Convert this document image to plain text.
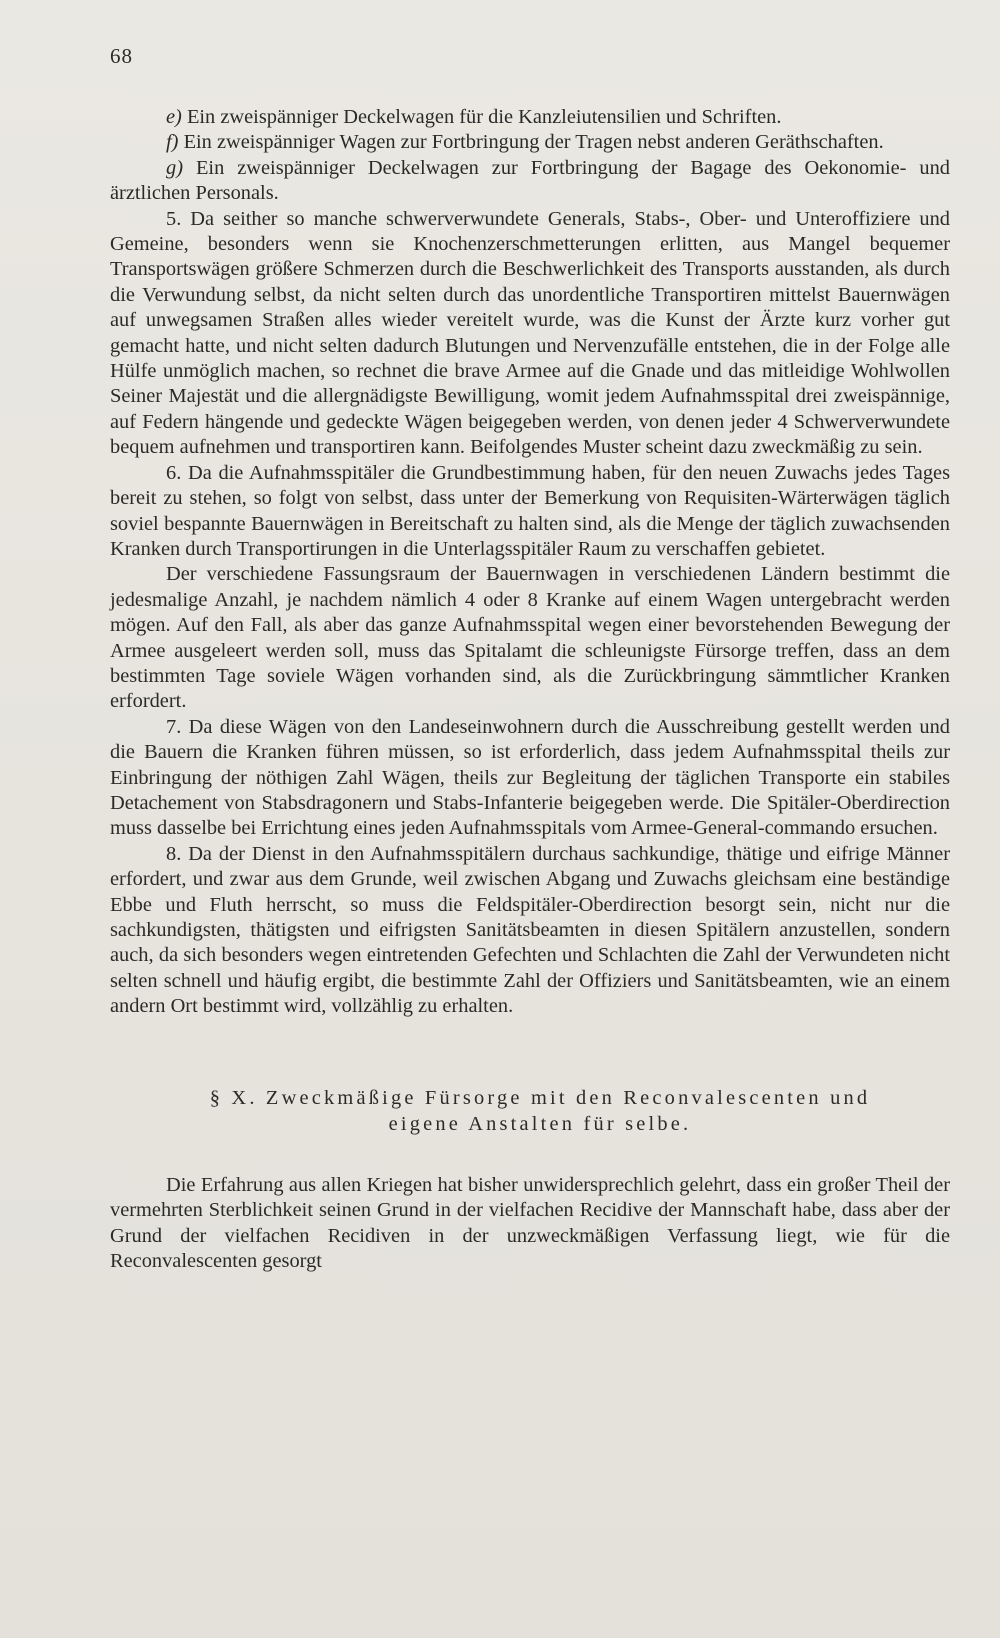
68

e) Ein zweispänniger Deckelwagen für die Kanzleiutensilien und Schriften.

f) Ein zweispänniger Wagen zur Fortbringung der Tragen nebst anderen Geräthschaften.

g) Ein zweispänniger Deckelwagen zur Fortbringung der Bagage des Oekonomie- und ärztlichen Personals.

5. Da seither so manche schwerverwundete Generals, Stabs-, Ober- und Unteroffiziere und Gemeine, besonders wenn sie Knochenzerschmetterungen erlitten, aus Mangel bequemer Transportswägen größere Schmerzen durch die Beschwerlichkeit des Transports ausstanden, als durch die Verwundung selbst, da nicht selten durch das unordentliche Transportiren mittelst Bauernwägen auf unwegsamen Straßen alles wieder vereitelt wurde, was die Kunst der Ärzte kurz vorher gut gemacht hatte, und nicht selten dadurch Blutungen und Nervenzufälle entstehen, die in der Folge alle Hülfe unmöglich machen, so rechnet die brave Armee auf die Gnade und das mitleidige Wohlwollen Seiner Majestät und die allergnädigste Bewilligung, womit jedem Aufnahmsspital drei zweispännige, auf Federn hängende und gedeckte Wägen beigegeben werden, von denen jeder 4 Schwerverwundete bequem aufnehmen und transportiren kann. Beifolgendes Muster scheint dazu zweckmäßig zu sein.

6. Da die Aufnahmsspitäler die Grundbestimmung haben, für den neuen Zuwachs jedes Tages bereit zu stehen, so folgt von selbst, dass unter der Bemerkung von Requisiten-Wärterwägen täglich soviel bespannte Bauernwägen in Bereitschaft zu halten sind, als die Menge der täglich zuwachsenden Kranken durch Transportirungen in die Unterlagsspitäler Raum zu verschaffen gebietet.

Der verschiedene Fassungsraum der Bauernwagen in verschiedenen Ländern bestimmt die jedesmalige Anzahl, je nachdem nämlich 4 oder 8 Kranke auf einem Wagen untergebracht werden mögen. Auf den Fall, als aber das ganze Aufnahmsspital wegen einer bevorstehenden Bewegung der Armee ausgeleert werden soll, muss das Spitalamt die schleunigste Fürsorge treffen, dass an dem bestimmten Tage soviele Wägen vorhanden sind, als die Zurückbringung sämmtlicher Kranken erfordert.

7. Da diese Wägen von den Landeseinwohnern durch die Ausschreibung gestellt werden und die Bauern die Kranken führen müssen, so ist erforderlich, dass jedem Aufnahmsspital theils zur Einbringung der nöthigen Zahl Wägen, theils zur Begleitung der täglichen Transporte ein stabiles Detachement von Stabsdragonern und Stabs-Infanterie beigegeben werde. Die Spitäler-Oberdirection muss dasselbe bei Errichtung eines jeden Aufnahmsspitals vom Armee-General-commando ersuchen.

8. Da der Dienst in den Aufnahmsspitälern durchaus sachkundige, thätige und eifrige Männer erfordert, und zwar aus dem Grunde, weil zwischen Abgang und Zuwachs gleichsam eine beständige Ebbe und Fluth herrscht, so muss die Feldspitäler-Oberdirection besorgt sein, nicht nur die sachkundigsten, thätigsten und eifrigsten Sanitätsbeamten in diesen Spitälern anzustellen, sondern auch, da sich besonders wegen eintretenden Gefechten und Schlachten die Zahl der Verwundeten nicht selten schnell und häufig ergibt, die bestimmte Zahl der Offiziers und Sanitätsbeamten, wie an einem andern Ort bestimmt wird, vollzählig zu erhalten.

§ X. Zweckmäßige Fürsorge mit den Reconvalescenten und
eigene Anstalten für selbe.

Die Erfahrung aus allen Kriegen hat bisher unwidersprechlich gelehrt, dass ein großer Theil der vermehrten Sterblichkeit seinen Grund in der vielfachen Recidive der Mannschaft habe, dass aber der Grund der vielfachen Recidiven in der unzweckmäßigen Verfassung liegt, wie für die Reconvalescenten gesorgt
